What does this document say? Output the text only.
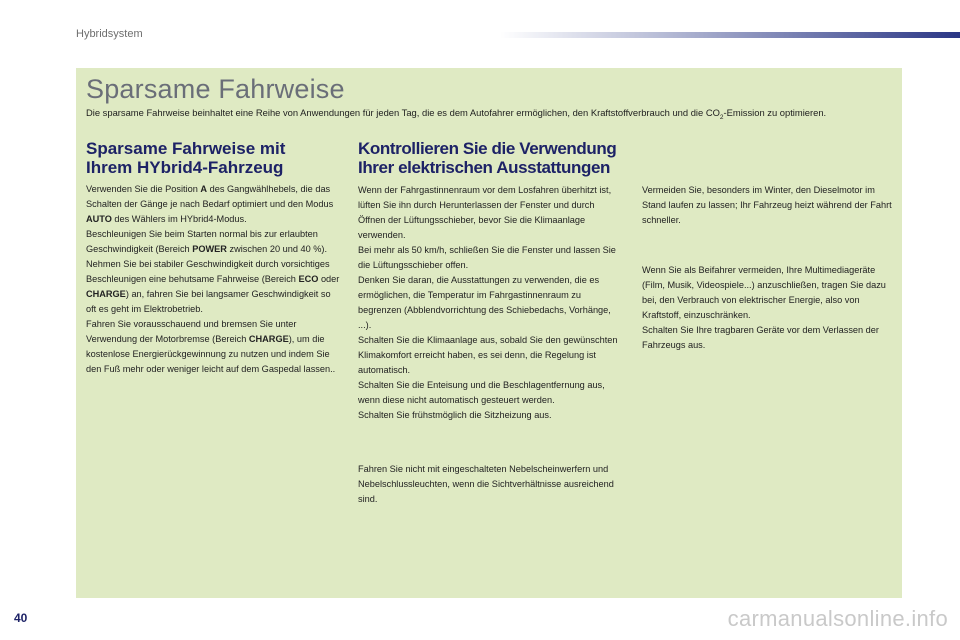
Hybridsystem
Sparsame Fahrweise
Die sparsame Fahrweise beinhaltet eine Reihe von Anwendungen für jeden Tag, die es dem Autofahrer ermöglichen, den Kraftstoffverbrauch und die $CO_2$-Emission zu optimieren.
Sparsame Fahrweise mit
Ihrem HYbrid4-Fahrzeug
Kontrollieren Sie die Verwendung
Ihrer elektrischen Ausstattungen

Verwenden Sie die Position A des Gangwählhebels, die das Schalten der Gänge je nach Bedarf optimiert und den Modus AUTO des Wählers im HYbrid4-Modus.

Beschleunigen Sie beim Starten normal bis zur erlaubten Geschwindigkeit (Bereich POWER zwischen 20 und 40 %).

Nehmen Sie bei stabiler Geschwindigkeit durch vorsichtiges Beschleunigen eine behutsame Fahrweise (Bereich ECO oder CHARGE) an, fahren Sie bei langsamer Geschwindigkeit so oft es geht im Elektrobetrieb.

Fahren Sie vorausschauend und bremsen Sie unter Verwendung der Motorbremse (Bereich CHARGE), um die kostenlose Energierückgewinnung zu nutzen und indem Sie den Fuß mehr oder weniger leicht auf dem Gaspedal lassen..

Wenn der Fahrgastinnenraum vor dem Losfahren überhitzt ist, lüften Sie ihn durch Herunterlassen der Fenster und durch Öffnen der Lüftungsschieber, bevor Sie die Klimaanlage verwenden.

Bei mehr als 50 km/h, schließen Sie die Fenster und lassen Sie die Lüftungsschieber offen.

Denken Sie daran, die Ausstattungen zu verwenden, die es ermöglichen, die Temperatur im Fahrgastinnenraum zu begrenzen (Abblendvorrichtung des Schiebedachs, Vorhänge, ...).

Schalten Sie die Klimaanlage aus, sobald Sie den gewünschten Klimakomfort erreicht haben, es sei denn, die Regelung ist automatisch.

Schalten Sie die Enteisung und die Beschlagentfernung aus, wenn diese nicht automatisch gesteuert werden.

Schalten Sie frühstmöglich die Sitzheizung aus.

Fahren Sie nicht mit eingeschalteten Nebelscheinwerfern und Nebelschlussleuchten, wenn die Sichtverhältnisse ausreichend sind.

Vermeiden Sie, besonders im Winter, den Dieselmotor im Stand laufen zu lassen; Ihr Fahrzeug heizt während der Fahrt schneller.

Wenn Sie als Beifahrer vermeiden, Ihre Multimediageräte (Film, Musik, Videospiele...) anzuschließen, tragen Sie dazu bei, den Verbrauch von elektrischer Energie, also von Kraftstoff, einzuschränken.

Schalten Sie Ihre tragbaren Geräte vor dem Verlassen der Fahrzeugs aus.

40	carmanualsonline.info
